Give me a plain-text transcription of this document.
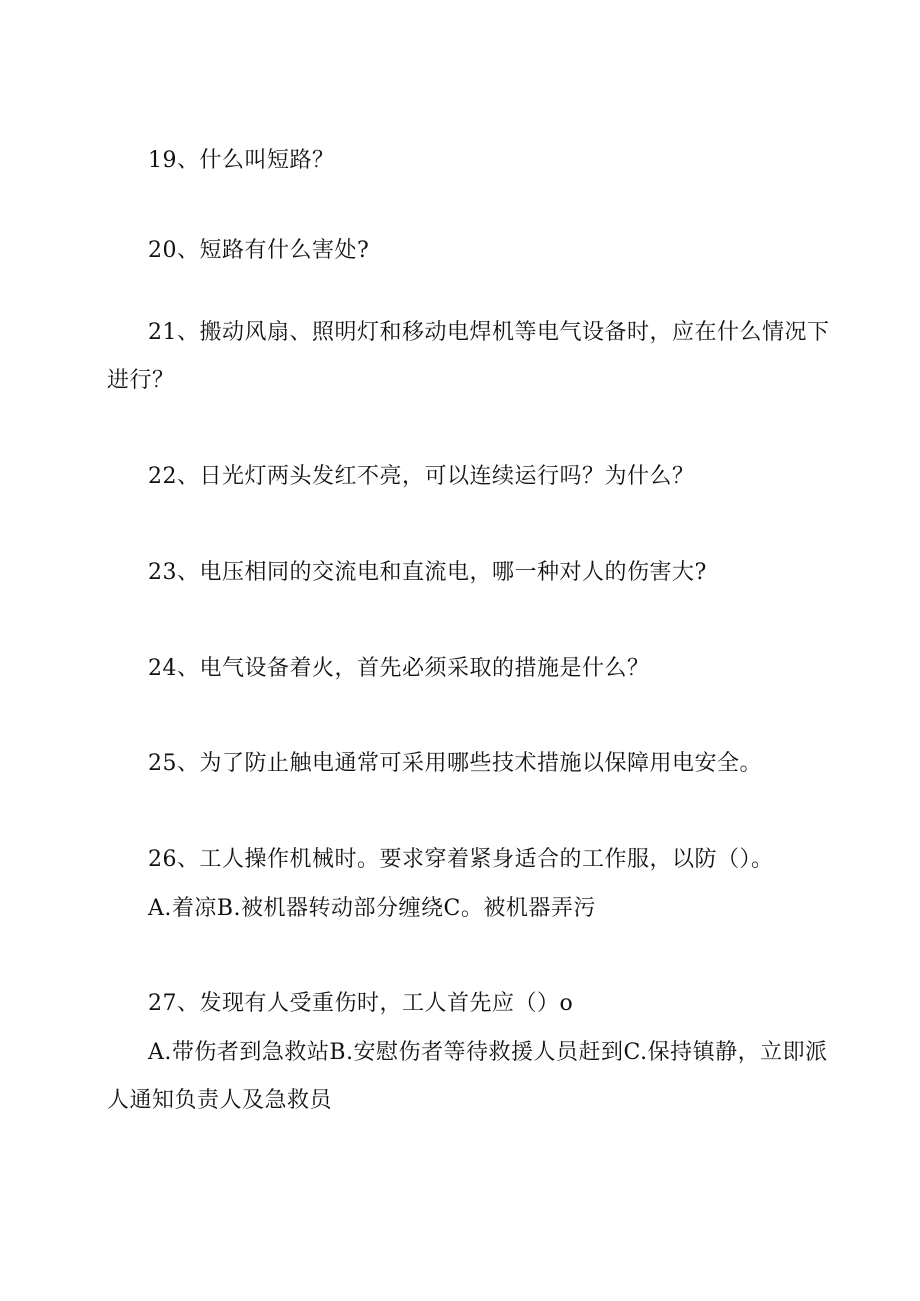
19、什么叫短路？
20、短路有什么害处?
21、搬动风扇、照明灯和移动电焊机等电气设备时，应在什么情况下
进行？
22、日光灯两头发红不亮，可以连续运行吗？为什么？
23、电压相同的交流电和直流电，哪一种对人的伤害大?
24、电气设备着火，首先必须采取的措施是什么？
25、为了防止触电通常可采用哪些技术措施以保障用电安全。
26、工人操作机械时。要求穿着紧身适合的工作服，以防（）。
A.着凉B.被机器转动部分缠绕C。被机器弄污
27、发现有人受重伤时，工人首先应（）o
A.带伤者到急救站B.安慰伤者等待救援人员赶到C.保持镇静，立即派
人通知负责人及急救员
